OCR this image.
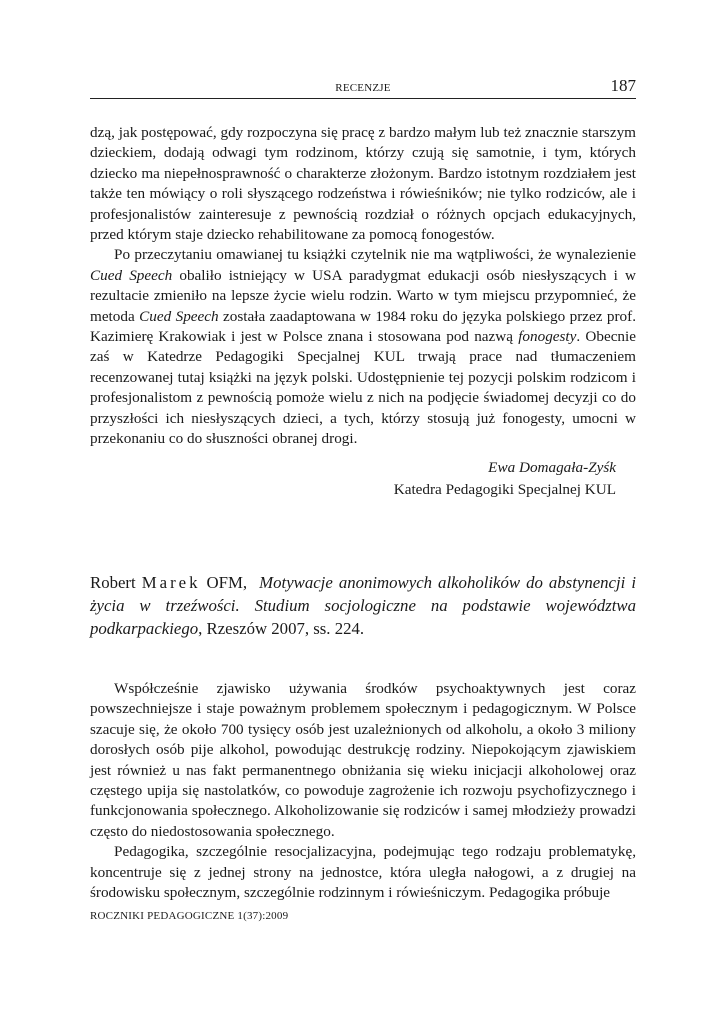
RECENZJE	187

dzą, jak postępować, gdy rozpoczyna się pracę z bardzo małym lub też znacznie starszym dzieckiem, dodają odwagi tym rodzinom, którzy czują się samotnie, i tym, których dziecko ma niepełnosprawność o charakterze złożonym. Bardzo istotnym rozdziałem jest także ten mówiący o roli słyszącego rodzeństwa i rówieśników; nie tylko rodziców, ale i profesjonalistów zainteresuje z pewnością rozdział o różnych opcjach edukacyjnych, przed którym staje dziecko rehabilitowane za pomocą fonogestów.

Po przeczytaniu omawianej tu książki czytelnik nie ma wątpliwości, że wynalezienie Cued Speech obaliło istniejący w USA paradygmat edukacji osób niesłyszących i w rezultacie zmieniło na lepsze życie wielu rodzin. Warto w tym miejscu przypomnieć, że metoda Cued Speech została zaadaptowana w 1984 roku do języka polskiego przez prof. Kazimierę Krakowiak i jest w Polsce znana i stosowana pod nazwą fonogesty. Obecnie zaś w Katedrze Pedagogiki Specjalnej KUL trwają prace nad tłumaczeniem recenzowanej tutaj książki na język polski. Udostępnienie tej pozycji polskim rodzicom i profesjonalistom z pewnością pomoże wielu z nich na podjęcie świadomej decyzji co do przyszłości ich niesłyszących dzieci, a tych, którzy stosują już fonogesty, umocni w przekonaniu co do słuszności obranej drogi.

Ewa Domagała-Zyśk
Katedra Pedagogiki Specjalnej KUL

Robert Marek OFM, Motywacje anonimowych alkoholików do abstynencji i życia w trzeźwości. Studium socjologiczne na podstawie województwa podkarpackiego, Rzeszów 2007, ss. 224.

Współcześnie zjawisko używania środków psychoaktywnych jest coraz powszechniejsze i staje poważnym problemem społecznym i pedagogicznym. W Polsce szacuje się, że około 700 tysięcy osób jest uzależnionych od alkoholu, a około 3 miliony dorosłych osób pije alkohol, powodując destrukcję rodziny. Niepokojącym zjawiskiem jest również u nas fakt permanentnego obniżania się wieku inicjacji alkoholowej oraz częstego upija się nastolatków, co powoduje zagrożenie ich rozwoju psychofizycznego i funkcjonowania społecznego. Alkoholizowanie się rodziców i samej młodzieży prowadzi często do niedostosowania społecznego.

Pedagogika, szczególnie resocjalizacyjna, podejmując tego rodzaju problematykę, koncentruje się z jednej strony na jednostce, która uległa nałogowi, a z drugiej na środowisku społecznym, szczególnie rodzinnym i rówieśniczym. Pedagogika próbuje

ROCZNIKI PEDAGOGICZNE 1(37):2009
